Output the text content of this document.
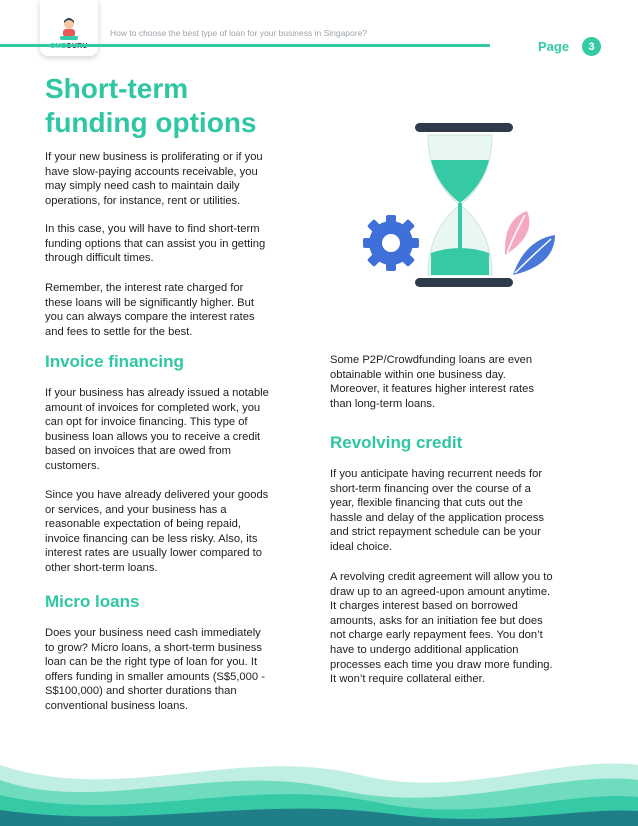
How to choose the best type of loan for your business in Singapore?
Page	3
Short-term
funding options
If your new business is proliferating or if you
have slow-paying accounts receivable, you
may simply need cash to maintain daily
operations, for instance, rent or utilities.
In this case, you will have to find short-term
funding options that can assist you in getting
through difficult times.
Remember, the interest rate charged for
these loans will be significantly higher. But
you can always compare the interest rates
and fees to settle for the best.
Invoice financing
If your business has already issued a notable
amount of invoices for completed work, you
can opt for invoice financing. This type of
business loan allows you to receive a credit
based on invoices that are owed from
customers.
Since you have already delivered your goods
or services, and your business has a
reasonable expectation of being repaid,
invoice financing can be less risky. Also, its
interest rates are usually lower compared to
other short-term loans.
Micro loans
Does your business need cash immediately
to grow? Micro loans, a short-term business
loan can be the right type of loan for you. It
offers funding in smaller amounts (S$5,000 -
S$100,000) and shorter durations than
conventional business loans.
Some P2P/Crowdfunding loans are even
obtainable within one business day.
Moreover, it features higher interest rates
than long-term loans.
Revolving credit
If you anticipate having recurrent needs for
short-term financing over the course of a
year, flexible financing that cuts out the
hassle and delay of the application process
and strict repayment schedule can be your
ideal choice.
A revolving credit agreement will allow you to
draw up to an agreed-upon amount anytime.
It charges interest based on borrowed
amounts, asks for an initiation fee but does
not charge early repayment fees. You don’t
have to undergo additional application
processes each time you draw more funding.
It won’t require collateral either.
